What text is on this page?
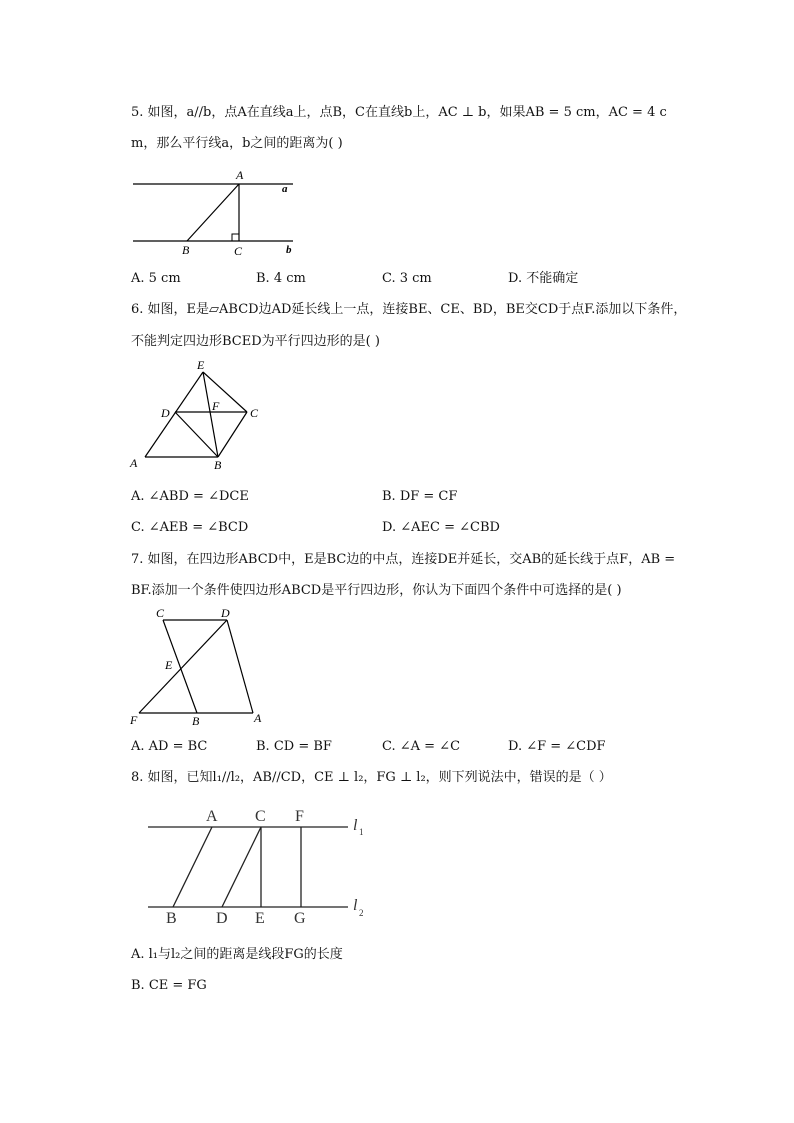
5. 如图，a//b，点A在直线a上，点B，C在直线b上，AC ⊥ b，如果AB = 5 cm，AC = 4 c
m，那么平行线a，b之间的距离为( )
A
a
B	C	b
A. 5 cm	B. 4 cm	C. 3 cm	D. 不能确定
6. 如图，E是▱ABCD边AD延长线上一点，连接BE、CE、BD，BE交CD于点F.添加以下条件，
不能判定四边形BCED为平行四边形的是( )
E
D	F	C
A	B
A. ∠ABD = ∠DCE	B. DF = CF
C. ∠AEB = ∠BCD	D. ∠AEC = ∠CBD
7. 如图，在四边形ABCD中，E是BC边的中点，连接DE并延长，交AB的延长线于点F，AB =
BF.添加一个条件使四边形ABCD是平行四边形，你认为下面四个条件中可选择的是( )
C	D
E
F	B	A
A. AD = BC	B. CD = BF	C. ∠A = ∠C	D. ∠F = ∠CDF
8. 如图，已知l₁//l₂，AB//CD，CE ⊥ l₂，FG ⊥ l₂，则下列说法中，错误的是（ ）
A C F
l 1
B D E G
l 2
A. l₁与l₂之间的距离是线段FG的长度
B. CE = FG
